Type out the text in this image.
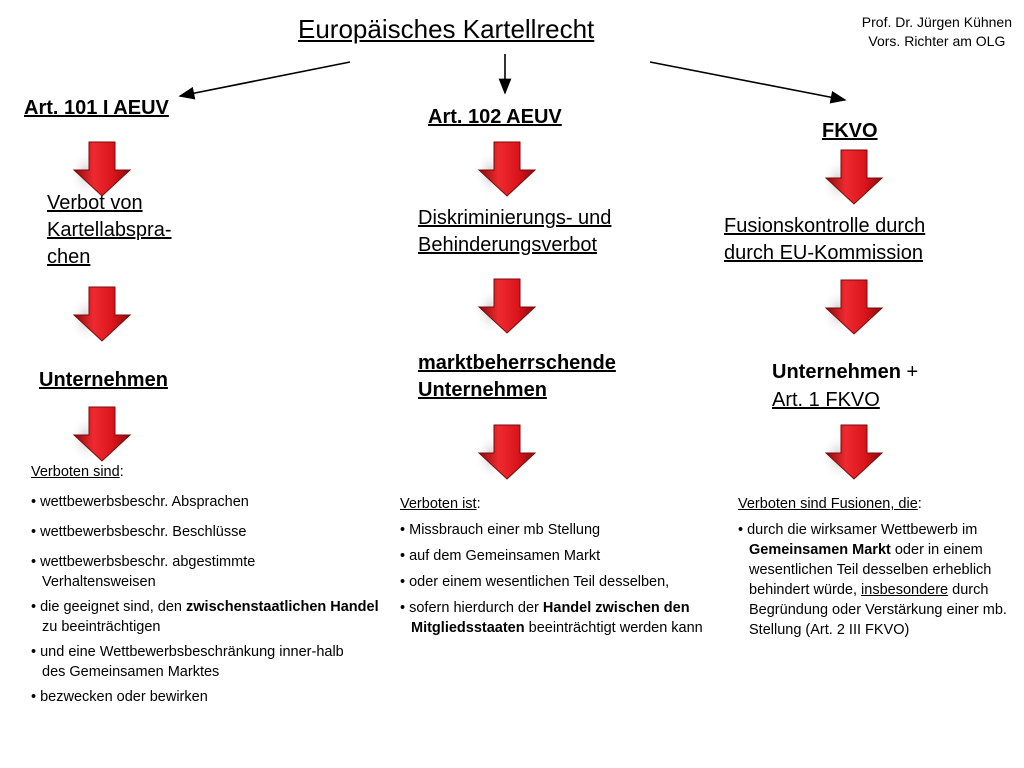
Europäisches Kartellrecht	Prof. Dr. Jürgen Kühnen
Vors. Richter am OLG
Art. 101 I AEUV
Verbot von
Kartellabspra-
chen
Unternehmen
Verboten sind:
• wettbewerbsbeschr. Absprachen
• wettbewerbsbeschr. Beschlüsse
• wettbewerbsbeschr. abgestimmte Verhaltensweisen
• die geeignet sind, den zwischenstaatlichen Handel zu beeinträchtigen
• und eine Wettbewerbsbeschränkung inner-halb des Gemeinsamen Marktes
• bezwecken oder bewirken
Art. 102 AEUV
Diskriminierungs- und
Behinderungsverbot
marktbeherrschende
Unternehmen
Verboten ist:
• Missbrauch einer mb Stellung
• auf dem Gemeinsamen Markt
• oder einem wesentlichen Teil desselben,
• sofern hierdurch der Handel zwischen den Mitgliedsstaaten beeinträchtigt werden kann
FKVO
Fusionskontrolle durch
durch EU-Kommission
Unternehmen +
Art. 1 FKVO
Verboten sind Fusionen, die:
• durch die wirksamer Wettbewerb im Gemeinsamen Markt oder in einem wesentlichen Teil desselben erheblich behindert würde, insbesondere durch Begründung oder Verstärkung einer mb. Stellung (Art. 2 III FKVO)
